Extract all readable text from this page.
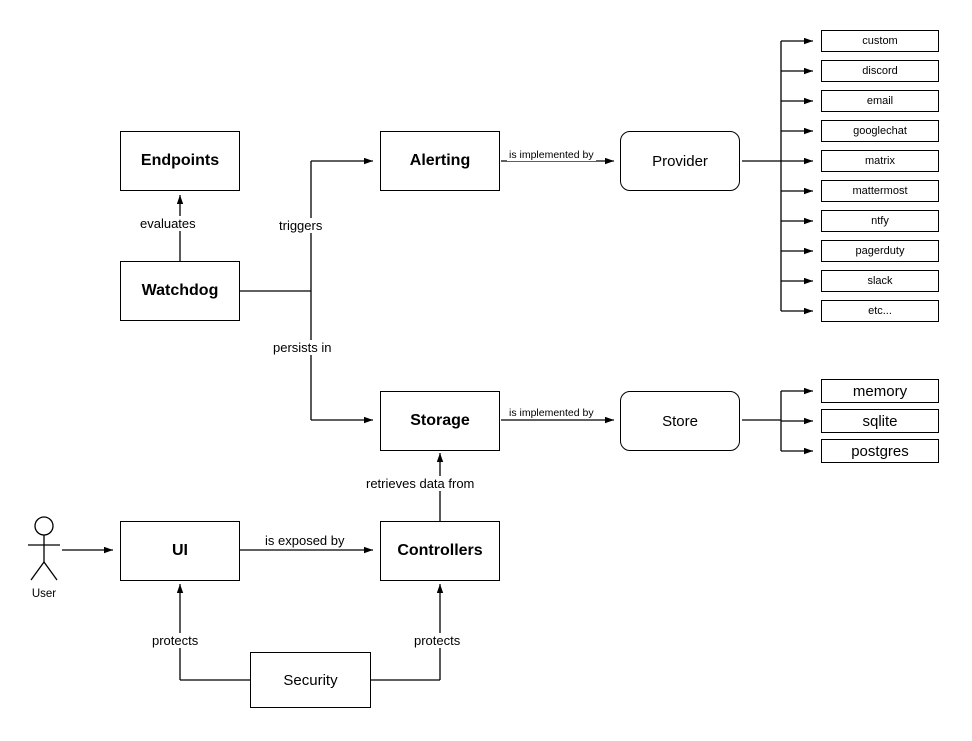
Endpoints
Watchdog
Alerting	Provider
Storage	Store
UI	Controllers
Security
custom
discord
email
googlechat
matrix
mattermost
ntfy
pagerduty
slack
etc...
memory
sqlite
postgres
evaluates	triggers
persists in
is implemented by
is implemented by
retrieves data from
is exposed by
protects	protects
User
